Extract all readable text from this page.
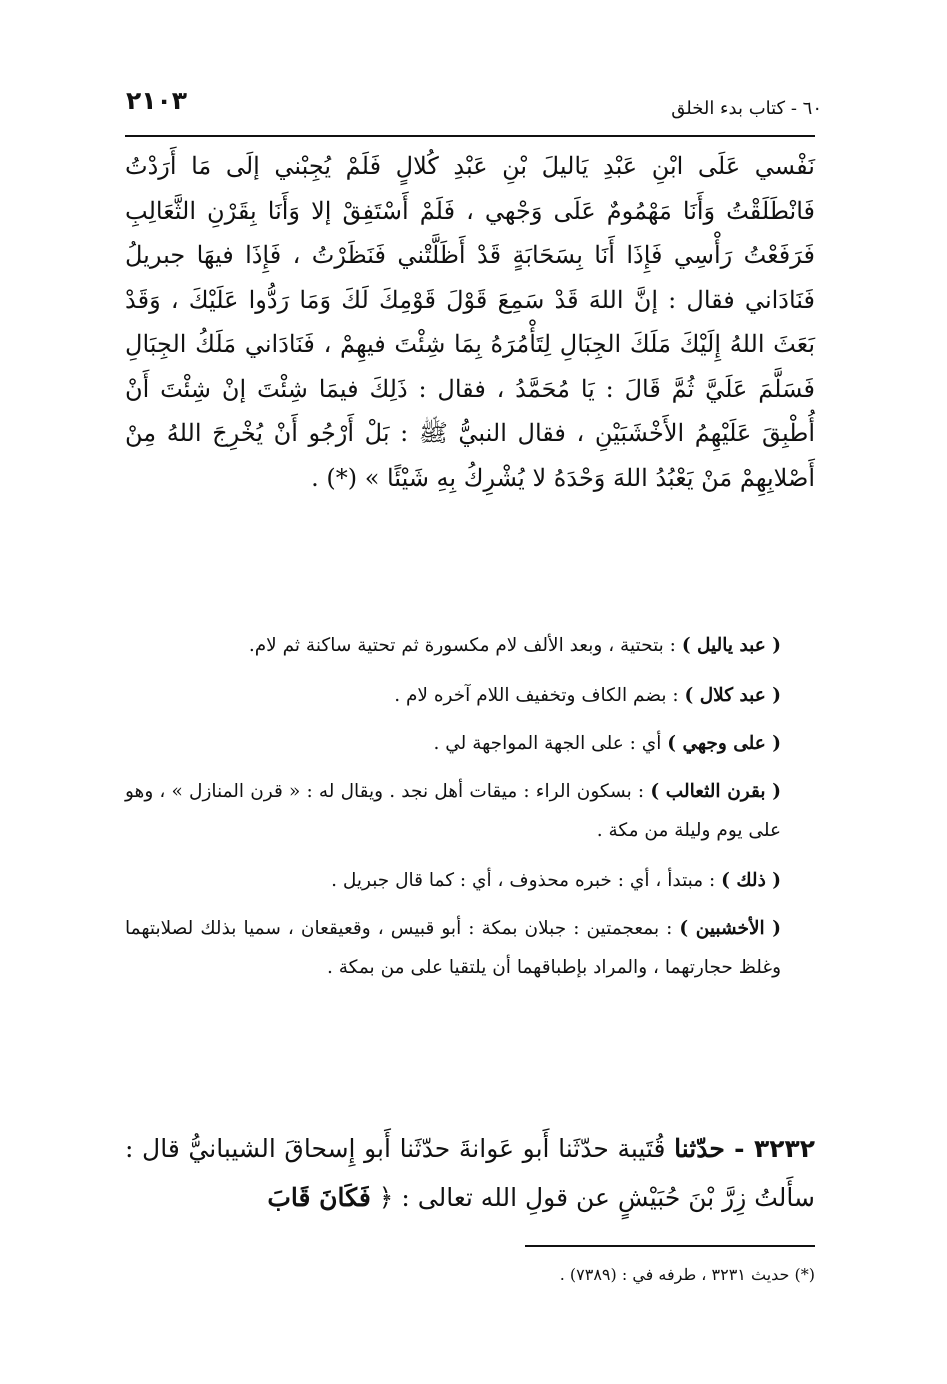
٢١٠٣	٦٠ - كتاب بدء الخلق
نَفْسي عَلَى ابْنِ عَبْدِ يَاليلَ بْنِ عَبْدِ كُلالٍ فَلَمْ يُجِبْني إلَى مَا أَرَدْتُ فَانْطَلَقْتُ وَأَنَا مَهْمُومٌ عَلَى وَجْهي ، فَلَمْ أَسْتَفِقْ إلا وَأَنَا بِقَرْنِ الثَّعَالِبِ فَرَفَعْتُ رَأْسِي فَإِذَا أَنَا بِسَحَابَةٍ قَدْ أَظَلَّتْني فَنَظَرْتُ ، فَإِذَا فيهَا جبريلُ فَنَادَاني فقال : إنَّ اللهَ قَدْ سَمِعَ قَوْلَ قَوْمِكَ لَكَ وَمَا رَدُّوا عَلَيْكَ ، وَقَدْ بَعَثَ اللهُ إِلَيْكَ مَلَكَ الجِبَالِ لِتَأْمُرَهُ بِمَا شِئْتَ فيهِمْ ، فَنَادَاني مَلَكُ الجِبَالِ فَسَلَّمَ عَلَيَّ ثُمَّ قَالَ : يَا مُحَمَّدُ ، فقال : ذَلِكَ فيمَا شِئْتَ إنْ شِئْتَ أَنْ أُطْبِقَ عَلَيْهِمُ الأَخْشَبَيْنِ ، فقال النبيُّ ﷺ : بَلْ أَرْجُو أَنْ يُخْرِجَ اللهُ مِنْ أَصْلابِهِمْ مَنْ يَعْبُدُ اللهَ وَحْدَهُ لا يُشْرِكُ بِهِ شَيْئًا » (*) .

( عبد ياليل ) : بتحتية ، وبعد الألف لام مكسورة ثم تحتية ساكنة ثم لام.

( عبد كلال ) : بضم الكاف وتخفيف اللام آخره لام .

( على وجهي ) أي : على الجهة المواجهة لي .

( بقرن الثعالب ) : بسكون الراء : ميقات أهل نجد . ويقال له : « قرن المنازل » ، وهو على يوم وليلة من مكة .

( ذلك ) : مبتدأ ، أي : خبره محذوف ، أي : كما قال جبريل .

( الأخشبين ) : بمعجمتين : جبلان بمكة : أبو قبيس ، وقعيقعان ، سميا بذلك لصلابتهما وغلظ حجارتهما ، والمراد بإطباقهما أن يلتقيا على من بمكة .

٣٢٣٢ - حدّثنا قُتَيبة حدّثَنا أَبو عَوانةَ حدّثَنا أَبو إِسحاقَ الشيبانيُّ قال : سأَلتُ زِرَّ بْنَ حُبَيْشٍ عن قولِ الله تعالى : ﴿ فَكَانَ قَابَ
(*) حديث ٣٢٣١ ، طرفه في : (٧٣٨٩) .
